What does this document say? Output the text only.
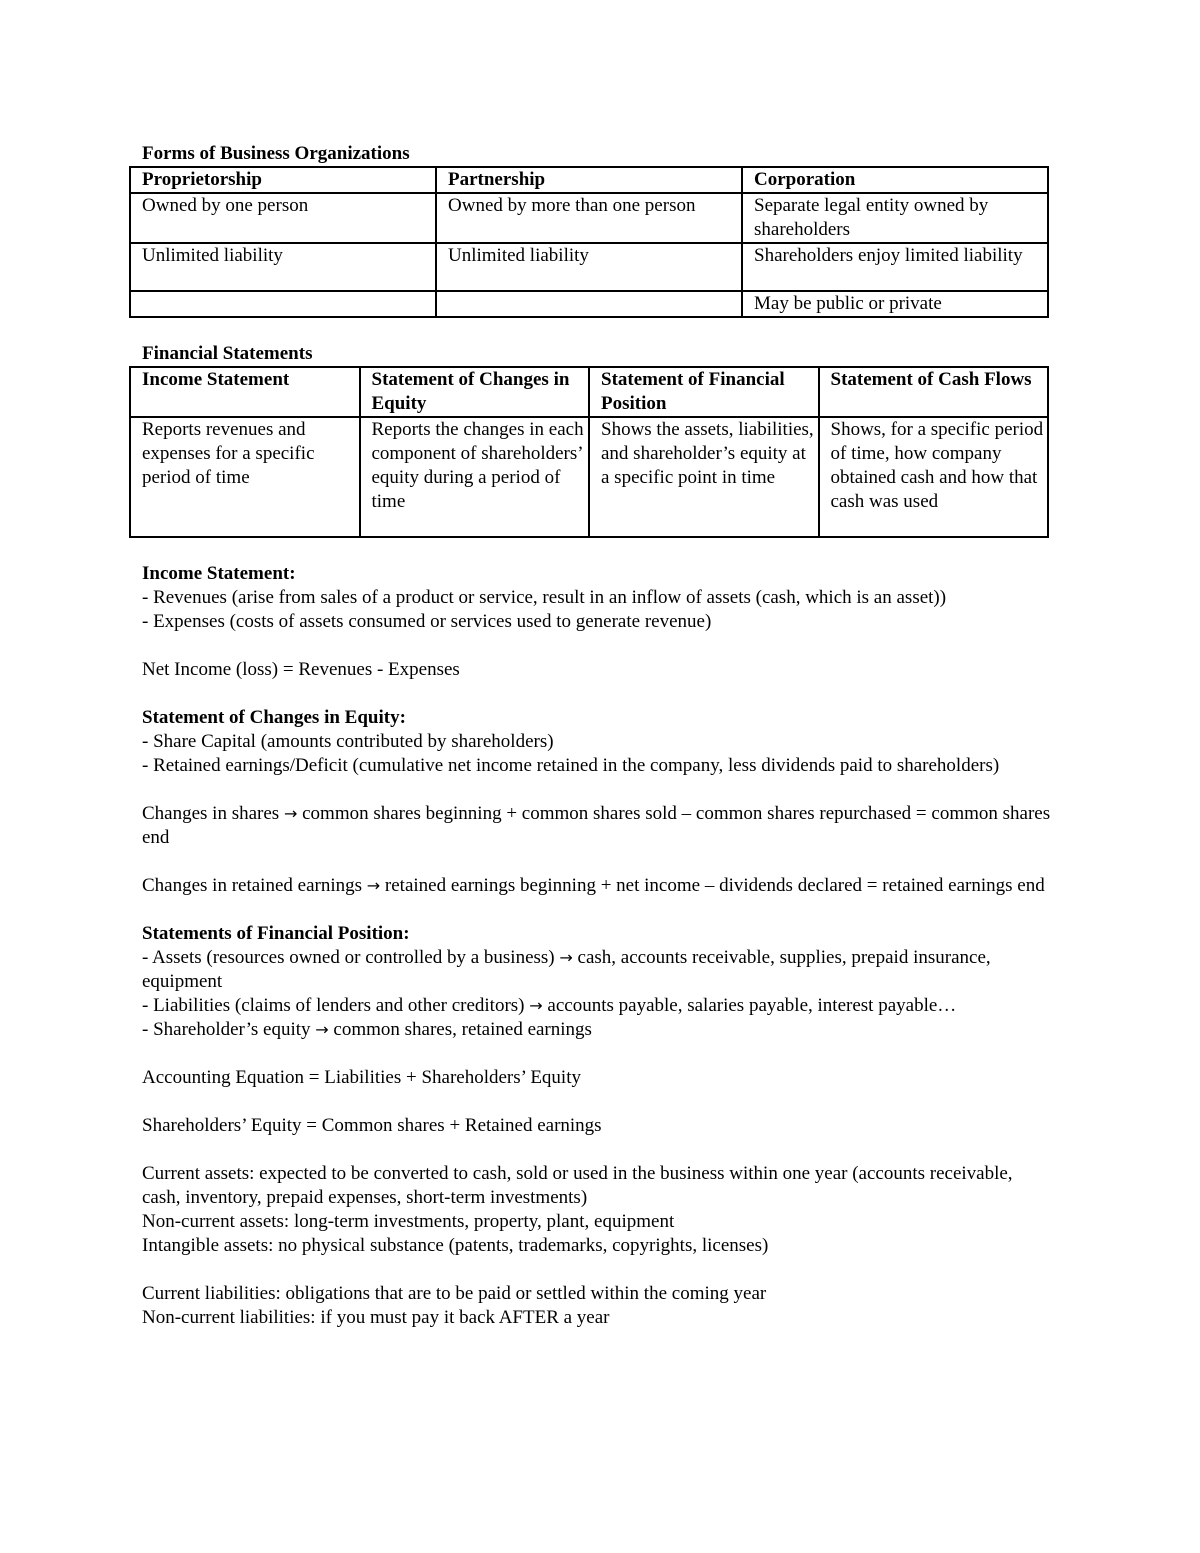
Forms of Business Organizations
Proprietorship	Partnership	Corporation
Owned by one person	Owned by more than one person	Separate legal entity owned by shareholders
Unlimited liability	Unlimited liability	Shareholders enjoy limited liability
		May be public or private
Financial Statements
Income Statement	Statement of Changes in Equity	Statement of Financial Position	Statement of Cash Flows
Reports revenues and expenses for a specific period of time	Reports the changes in each component of shareholders’ equity during a period of time	Shows the assets, liabilities, and shareholder’s equity at a specific point in time	Shows, for a specific period of time, how company obtained cash and how that cash was used

Income Statement:

- Revenues (arise from sales of a product or service, result in an inflow of assets (cash, which is an asset))

- Expenses (costs of assets consumed or services used to generate revenue)

Net Income (loss) = Revenues - Expenses

Statement of Changes in Equity:

- Share Capital (amounts contributed by shareholders)

- Retained earnings/Deficit (cumulative net income retained in the company, less dividends paid to shareholders)

Changes in shares → common shares beginning + common shares sold – common shares repurchased = common shares end

Changes in retained earnings → retained earnings beginning + net income – dividends declared = retained earnings end

Statements of Financial Position:

- Assets (resources owned or controlled by a business) → cash, accounts receivable, supplies, prepaid insurance, equipment

- Liabilities (claims of lenders and other creditors) → accounts payable, salaries payable, interest payable…

- Shareholder’s equity → common shares, retained earnings

Accounting Equation = Liabilities + Shareholders’ Equity

Shareholders’ Equity = Common shares + Retained earnings

Current assets: expected to be converted to cash, sold or used in the business within one year (accounts receivable, cash, inventory, prepaid expenses, short-term investments)

Non-current assets: long-term investments, property, plant, equipment

Intangible assets: no physical substance (patents, trademarks, copyrights, licenses)

Current liabilities: obligations that are to be paid or settled within the coming year

Non-current liabilities: if you must pay it back AFTER a year
